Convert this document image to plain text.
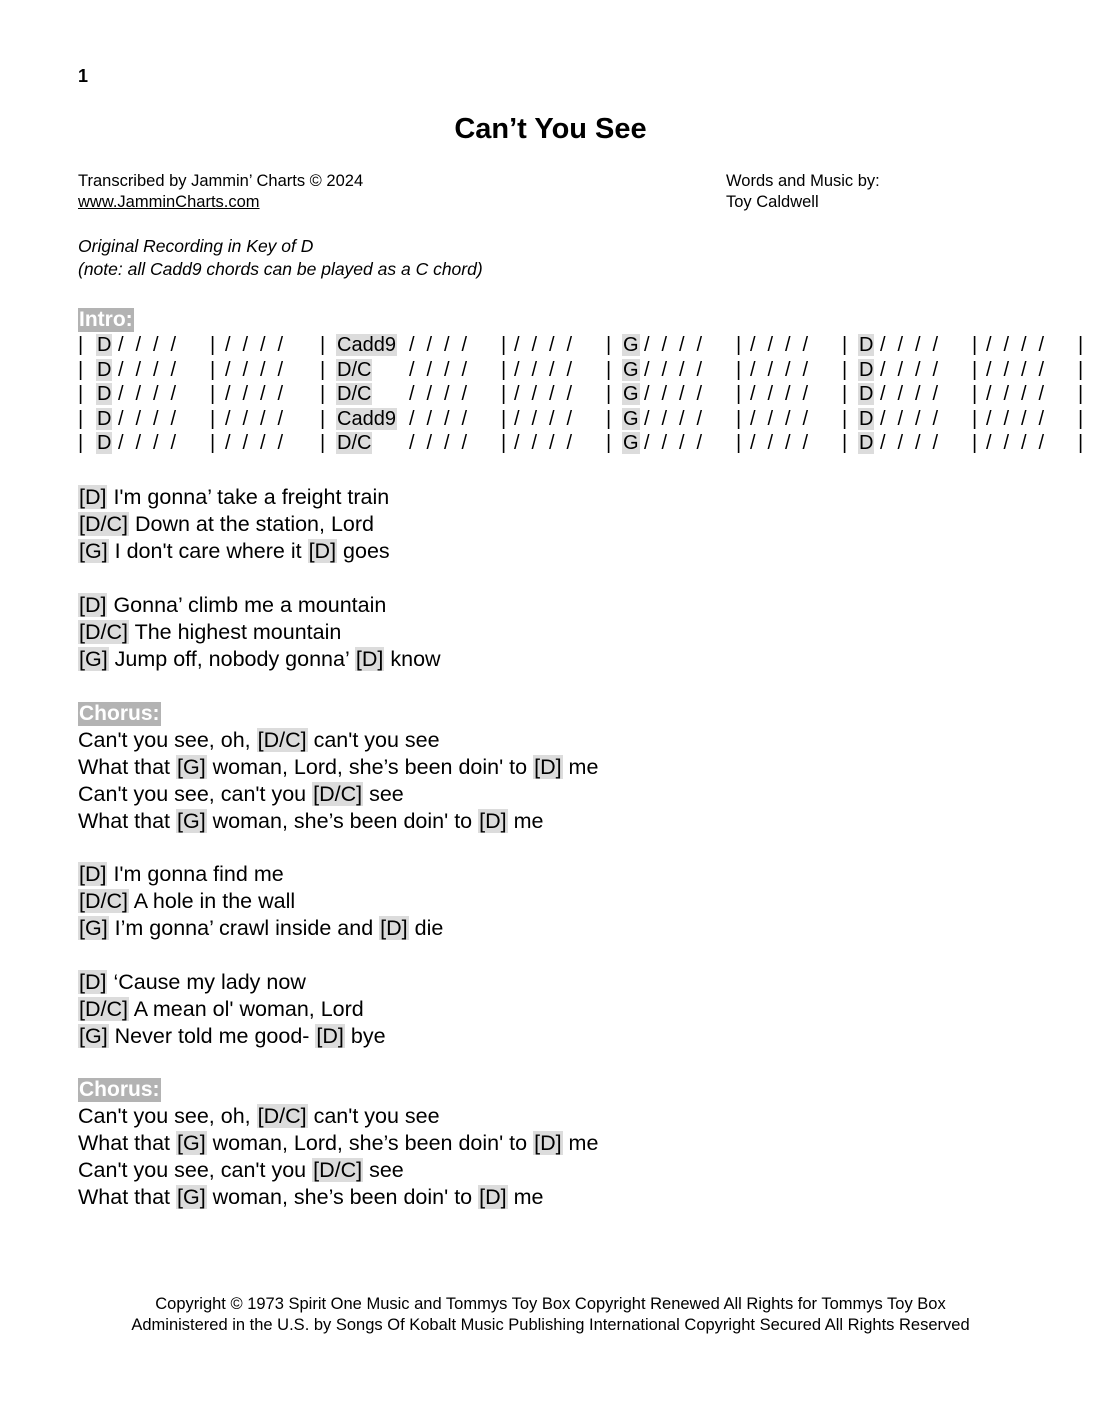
1
Can’t You See
Transcribed by Jammin’ Charts © 2024
www.JamminCharts.com
Words and Music by:
Toy Caldwell
Original Recording in Key of D
(note: all Cadd9 chords can be played as a C chord)
Intro:
|	D	/ / / /	|	/ / / /	|	Cadd9	/ / / /	|	/ / / /	|	G	/ / / /	|	/ / / /	|	D	/ / / /	|	/ / / /	|
|	D	/ / / /	|	/ / / /	|	D/C	/ / / /	|	/ / / /	|	G	/ / / /	|	/ / / /	|	D	/ / / /	|	/ / / /	|
|	D	/ / / /	|	/ / / /	|	D/C	/ / / /	|	/ / / /	|	G	/ / / /	|	/ / / /	|	D	/ / / /	|	/ / / /	|
|	D	/ / / /	|	/ / / /	|	Cadd9	/ / / /	|	/ / / /	|	G	/ / / /	|	/ / / /	|	D	/ / / /	|	/ / / /	|
|	D	/ / / /	|	/ / / /	|	D/C	/ / / /	|	/ / / /	|	G	/ / / /	|	/ / / /	|	D	/ / / /	|	/ / / /	|
[D] I'm gonna’ take a freight train
[D/C] Down at the station, Lord
[G] I don't care where it [D] goes
[D] Gonna’ climb me a mountain
[D/C] The highest mountain
[G] Jump off, nobody gonna’ [D] know
Chorus:
Can't you see, oh, [D/C] can't you see
What that [G] woman, Lord, she’s been doin' to [D] me
Can't you see, can't you [D/C] see
What that [G] woman, she’s been doin' to [D] me
[D] I'm gonna find me
[D/C] A hole in the wall
[G] I’m gonna’ crawl inside and [D] die
[D] ‘Cause my lady now
[D/C] A mean ol' woman, Lord
[G] Never told me good- [D] bye
Chorus:
Can't you see, oh, [D/C] can't you see
What that [G] woman, Lord, she’s been doin' to [D] me
Can't you see, can't you [D/C] see
What that [G] woman, she’s been doin' to [D] me
Copyright © 1973 Spirit One Music and Tommys Toy Box Copyright Renewed All Rights for Tommys Toy Box
Administered in the U.S. by Songs Of Kobalt Music Publishing International Copyright Secured All Rights Reserved
